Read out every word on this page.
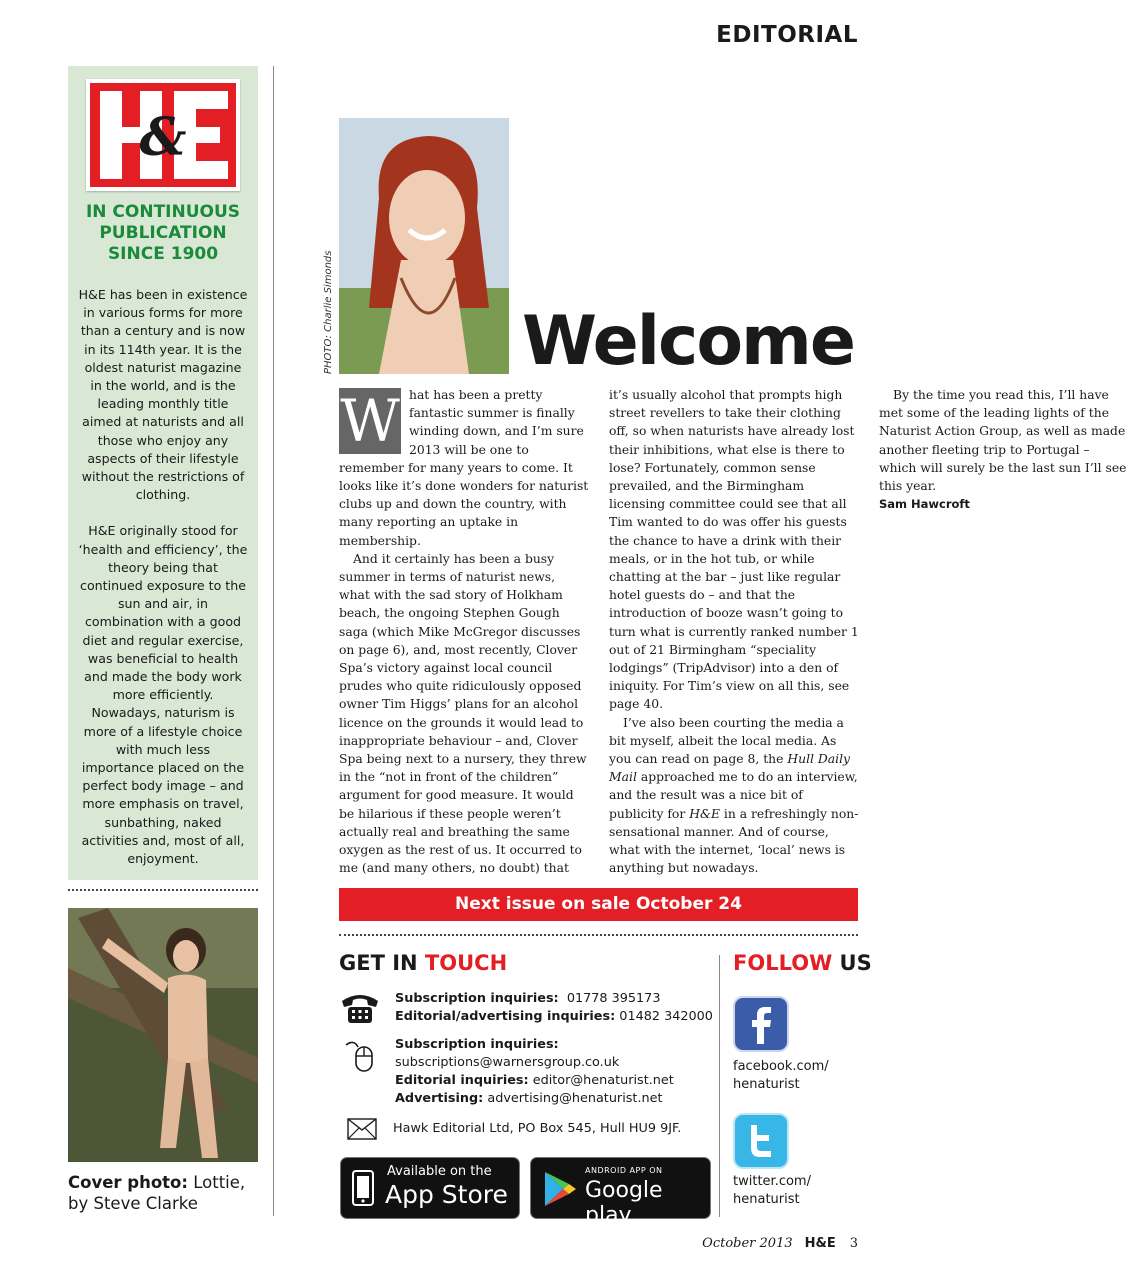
EDITORIAL
&
IN CONTINUOUS PUBLICATION SINCE 1900

H&E has been in existence in various forms for more than a century and is now in its 114th year. It is the oldest naturist magazine in the world, and is the leading monthly title aimed at naturists and all those who enjoy any aspects of their lifestyle without the restrictions of clothing.

H&E originally stood for ‘health and efficiency’, the theory being that continued exposure to the sun and air, in combination with a good diet and regular exercise, was beneficial to health and made the body work more efficiently. Nowadays, naturism is more of a lifestyle choice with much less importance placed on the perfect body image – and more emphasis on travel, sunbathing, naked activities and, most of all, enjoyment.

Cover photo: Lottie, by Steve Clarke
PHOTO: Charlie Simonds	Welcome

W hat has been a pretty fantastic summer is finally winding down, and I’m sure 2013 will be one to remember for many years to come. It looks like it’s done wonders for naturist clubs up and down the country, with many reporting an uptake in membership.

And it certainly has been a busy summer in terms of naturist news, what with the sad story of Holkham beach, the ongoing Stephen Gough saga (which Mike McGregor discusses on page 6), and, most recently, Clover Spa’s victory against local council prudes who quite ridiculously opposed owner Tim Higgs’ plans for an alcohol licence on the grounds it would lead to inappropriate behaviour – and, Clover Spa being next to a nursery, they threw in the “not in front of the children” argument for good measure. It would be hilarious if these people weren’t actually real and breathing the same oxygen as the rest of us. It occurred to me (and many others, no doubt) that it’s usually alcohol that prompts high street revellers to take their clothing off, so when naturists have already lost their inhibitions, what else is there to lose? Fortunately, common sense prevailed, and the Birmingham licensing committee could see that all Tim wanted to do was offer his guests the chance to have a drink with their meals, or in the hot tub, or while chatting at the bar – just like regular hotel guests do – and that the introduction of booze wasn’t going to turn what is currently ranked number 1 out of 21 Birmingham “speciality lodgings” (TripAdvisor) into a den of iniquity. For Tim’s view on all this, see page 40.

I’ve also been courting the media a bit myself, albeit the local media. As you can read on page 8, the Hull Daily Mail approached me to do an interview, and the result was a nice bit of publicity for H&E in a refreshingly non-sensational manner. And of course, what with the internet, ‘local’ news is anything but nowadays.

By the time you read this, I’ll have met some of the leading lights of the Naturist Action Group, as well as made another fleeting trip to Portugal – which will surely be the last sun I’ll see this year.

Sam Hawcroft
Next issue on sale October 24
GET IN TOUCH
Subscription inquiries: 01778 395173
Editorial/advertising inquiries: 01482 342000
Subscription inquiries:
subscriptions@warnersgroup.co.uk
Editorial inquiries: editor@henaturist.net
Advertising: advertising@henaturist.net
Hawk Editorial Ltd, PO Box 545, Hull HU9 9JF.
Available on the
App Store
ANDROID APP ON
Google play
FOLLOW US
facebook.com/
henaturist
twitter.com/
henaturist
October 2013 H&E 3
